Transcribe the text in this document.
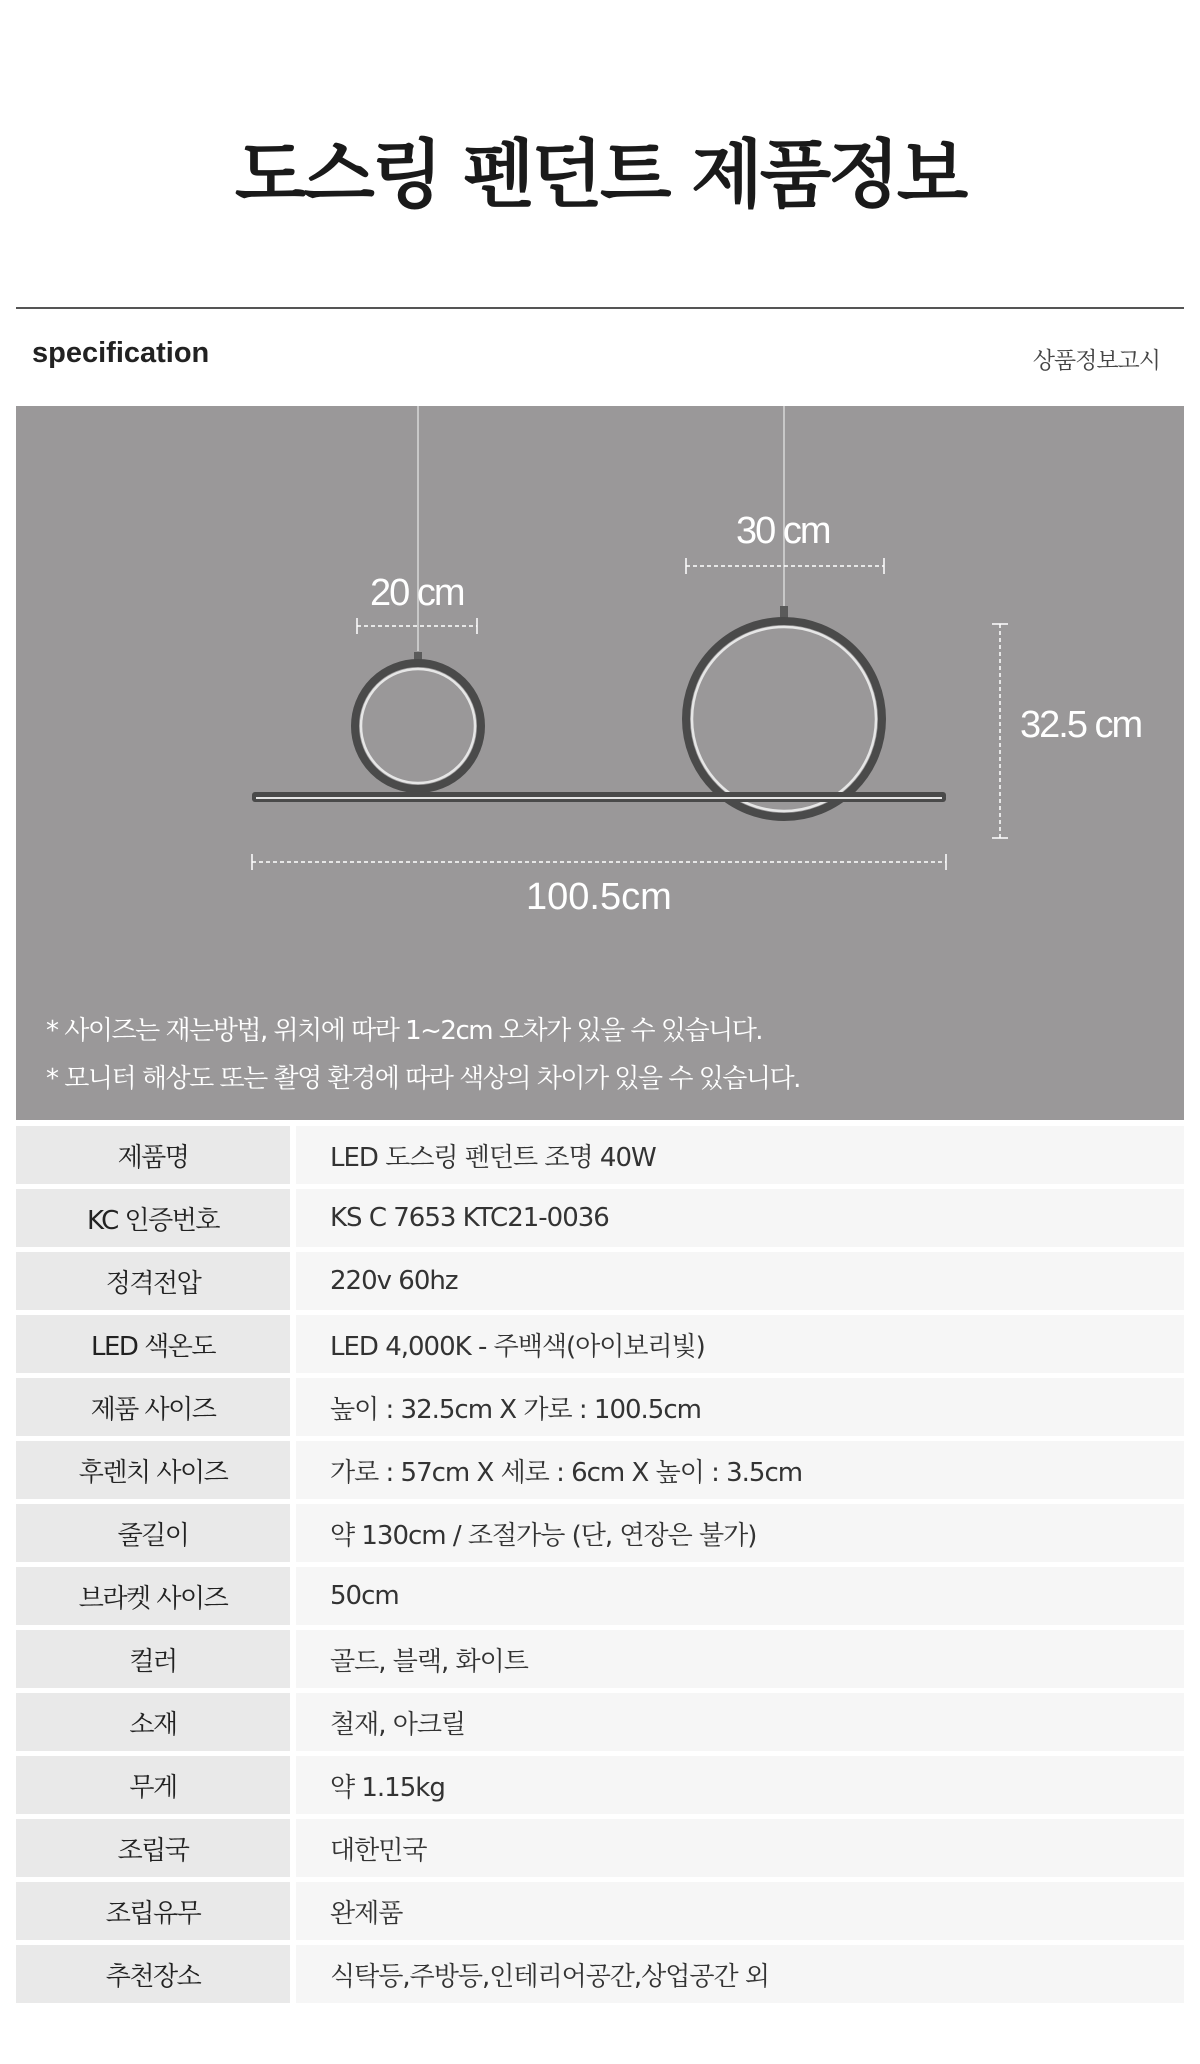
도스링 펜던트 제품정보
specification	상품정보고시
20 cm
30 cm
32.5 cm
100.5cm
* 사이즈는 재는방법, 위치에 따라 1~2cm 오차가 있을 수 있습니다.
* 모니터 해상도 또는 촬영 환경에 따라 색상의 차이가 있을 수 있습니다.
제품명	LED 도스링 펜던트 조명 40W
KC 인증번호	KS C 7653 KTC21-0036
정격전압	220v 60hz
LED 색온도	LED 4,000K - 주백색(아이보리빛)
제품 사이즈	높이 : 32.5cm X 가로 : 100.5cm
후렌치 사이즈	가로 : 57cm X 세로 : 6cm X 높이 : 3.5cm
줄길이	약 130cm / 조절가능 (단, 연장은 불가)
브라켓 사이즈	50cm
컬러	골드, 블랙, 화이트
소재	철재, 아크릴
무게	약 1.15kg
조립국	대한민국
조립유무	완제품
추천장소	식탁등,주방등,인테리어공간,상업공간 외
